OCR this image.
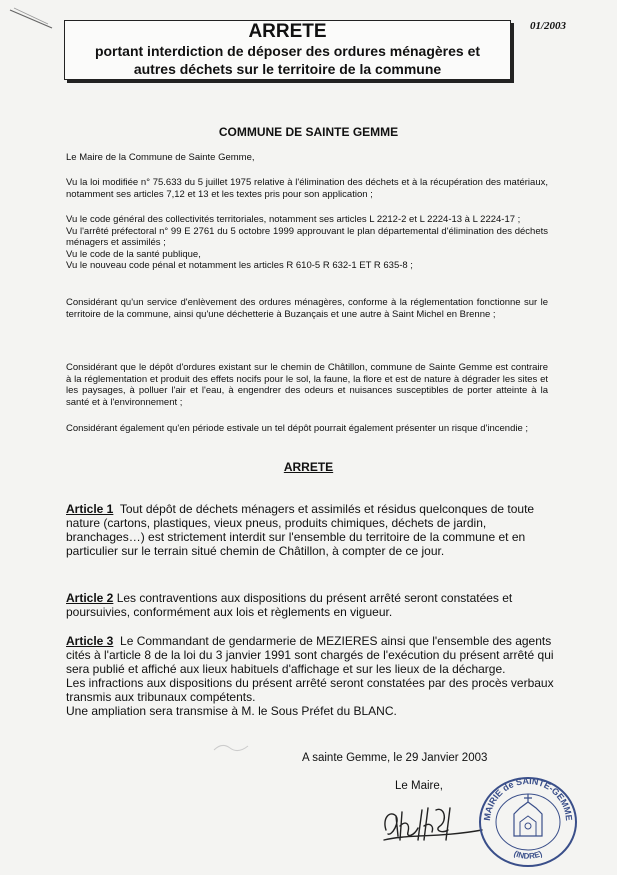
01/2003
ARRETE
portant interdiction de déposer des ordures ménagères et
autres déchets sur le territoire de la commune
COMMUNE DE SAINTE GEMME
Le Maire de la Commune de Sainte Gemme,
Vu la loi modifiée n° 75.633 du 5 juillet 1975 relative à l'élimination des déchets et à la récupération des matériaux, notamment ses articles 7,12 et 13 et les textes pris pour son application ;

Vu le code général des collectivités territoriales, notamment ses articles L 2212-2 et L 2224-13 à L 2224-17 ;

Vu l'arrêté préfectoral n° 99 E 2761 du 5 octobre 1999 approuvant le plan départemental d'élimination des déchets ménagers et assimilés ;

Vu le code de la santé publique,

Vu le nouveau code pénal et notamment les articles R 610-5 R 632-1 ET R 635-8 ;

Considérant qu'un service d'enlèvement des ordures ménagères, conforme à la réglementation fonctionne sur le territoire de la commune, ainsi qu'une déchetterie à Buzançais et une autre à Saint Michel en Brenne ;
Considérant que le dépôt d'ordures existant sur le chemin de Châtillon, commune de Sainte Gemme est contraire à la réglementation et produit des effets nocifs pour le sol, la faune, la flore et est de nature à dégrader les sites et les paysages, à polluer l'air et l'eau, à engendrer des odeurs et nuisances susceptibles de porter atteinte à la santé et à l'environnement ;
Considérant également qu'en période estivale un tel dépôt pourrait également présenter un risque d'incendie ;
ARRETE
Article 1 Tout dépôt de déchets ménagers et assimilés et résidus quelconques de toute nature (cartons, plastiques, vieux pneus, produits chimiques, déchets de jardin, branchages…) est strictement interdit sur l'ensemble du territoire de la commune et en particulier sur le terrain situé chemin de Châtillon, à compter de ce jour.
Article 2 Les contraventions aux dispositions du présent arrêté seront constatées et poursuivies, conformément aux lois et règlements en vigueur.

Article 3 Le Commandant de gendarmerie de MEZIERES ainsi que l'ensemble des agents cités à l'article 8 de la loi du 3 janvier 1991 sont chargés de l'exécution du présent arrêté qui sera publié et affiché aux lieux habituels d'affichage et sur les lieux de la décharge.

Les infractions aux dispositions du présent arrêté seront constatées par des procès verbaux transmis aux tribunaux compétents.

Une ampliation sera transmise à M. le Sous Préfet du BLANC.

A sainte Gemme, le 29 Janvier 2003
Le Maire,
MAIRIE de SAINTE-GEMME
(INDRE)
